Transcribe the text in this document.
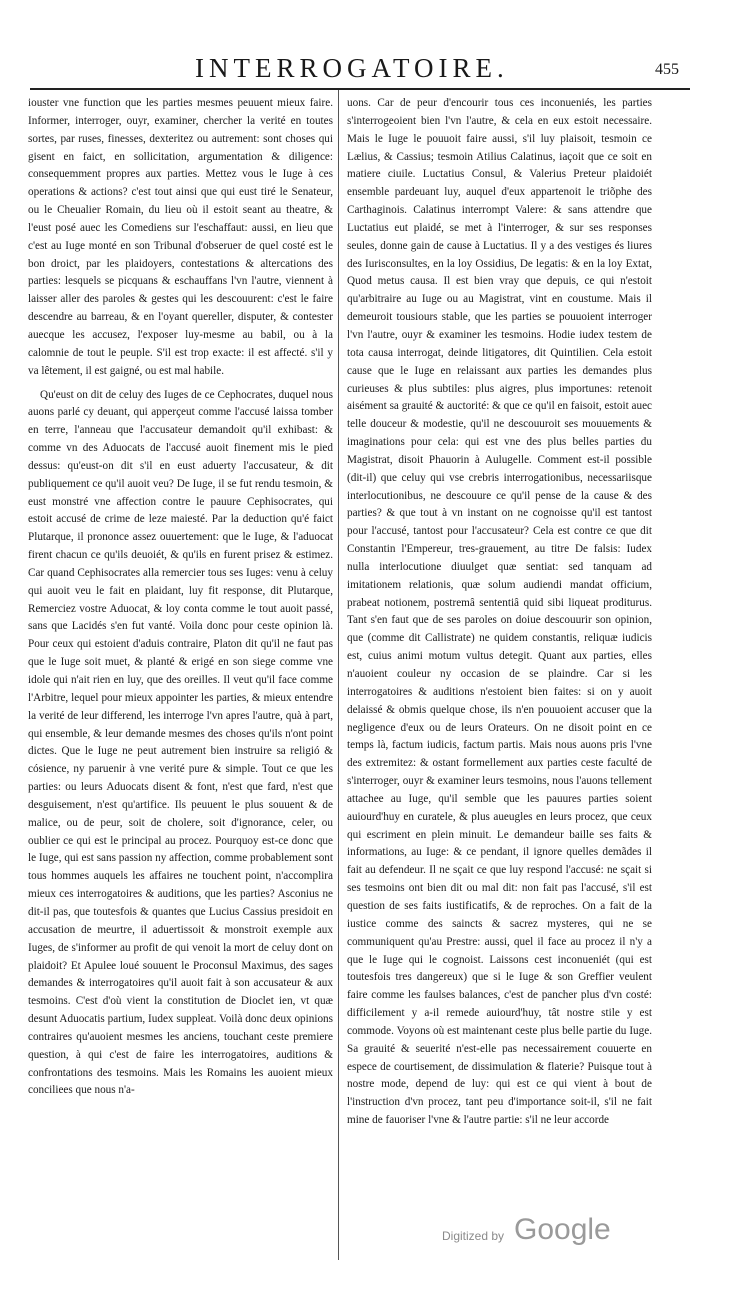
INTERROGATOIRE.	455

iouster vne function que les parties mesmes peuuent mieux faire. Informer, interroger, ouyr, examiner, chercher la verité en toutes sortes, par ruses, finesses, dexteritez ou autrement: sont choses qui gisent en faict, en sollicitation, argumentation & diligence: consequemment propres aux parties. Mettez vous le Iuge à ces operations & actions? c'est tout ainsi que qui eust tiré le Senateur, ou le Cheualier Romain, du lieu où il estoit seant au theatre, & l'eust posé auec les Comediens sur l'eschaffaut: aussi, en lieu que c'est au Iuge monté en son Tribunal d'obseruer de quel costé est le bon droict, par les plaidoyers, contestations & altercations des parties: lesquels se picquans & eschauffans l'vn l'autre, viennent à laisser aller des paroles & gestes qui les descouurent: c'est le faire descendre au barreau, & en l'oyant quereller, disputer, & contester auecque les accusez, l'exposer luy-mesme au babil, ou à la calomnie de tout le peuple. S'il est trop exacte: il est affecté. s'il y va lêtement, il est gaigné, ou est mal habile.

Qu'eust on dit de celuy des Iuges de ce Cephocrates, duquel nous auons parlé cy deuant, qui apperçeut comme l'accusé laissa tomber en terre, l'anneau que l'accusateur demandoit qu'il exhibast: & comme vn des Aduocats de l'accusé auoit finement mis le pied dessus: qu'eust-on dit s'il en eust aduerty l'accusateur, & dit publiquement ce qu'il auoit veu? De Iuge, il se fut rendu tesmoin, & eust monstré vne affection contre le pauure Cephisocrates, qui estoit accusé de crime de leze maiesté. Par la deduction qu'é faict Plutarque, il prononce assez ouuertement: que le Iuge, & l'aduocat firent chacun ce qu'ils deuoiét, & qu'ils en furent prisez & estimez. Car quand Cephisocrates alla remercier tous ses Iuges: venu à celuy qui auoit veu le fait en plaidant, luy fit response, dit Plutarque, Remerciez vostre Aduocat, & loy conta comme le tout auoit passé, sans que Lacidés s'en fut vanté. Voila donc pour ceste opinion là. Pour ceux qui estoient d'aduis contraire, Platon dit qu'il ne faut pas que le Iuge soit muet, & planté & erigé en son siege comme vne idole qui n'ait rien en luy, que des oreilles. Il veut qu'il face comme l'Arbitre, lequel pour mieux appointer les parties, & mieux entendre la verité de leur differend, les interroge l'vn apres l'autre, quà à part, qui ensemble, & leur demande mesmes des choses qu'ils n'ont point dictes. Que le Iuge ne peut autrement bien instruire sa religió & cósience, ny paruenir à vne verité pure & simple. Tout ce que les parties: ou leurs Aduocats disent & font, n'est que fard, n'est que desguisement, n'est qu'artifice. Ils peuuent le plus souuent & de malice, ou de peur, soit de cholere, soit d'ignorance, celer, ou oublier ce qui est le principal au procez. Pourquoy est-ce donc que le Iuge, qui est sans passion ny affection, comme probablement sont tous hommes auquels les affaires ne touchent point, n'accomplira mieux ces interrogatoires & auditions, que les parties? Asconius ne dit-il pas, que toutesfois & quantes que Lucius Cassius presidoit en accusation de meurtre, il aduertissoit & monstroit exemple aux Iuges, de s'informer au profit de qui venoit la mort de celuy dont on plaidoit? Et Apulee loué souuent le Proconsul Maximus, des sages demandes & interrogatoires qu'il auoit fait à son accusateur & aux tesmoins. C'est d'où vient la constitution de Dioclet ien, vt quæ desunt Aduocatis partium, Iudex suppleat. Voilà donc deux opinions contraires qu'auoient mesmes les anciens, touchant ceste premiere question, à qui c'est de faire les interrogatoires, auditions & confrontations des tesmoins. Mais les Romains les auoient mieux conciliees que nous n'a-

uons. Car de peur d'encourir tous ces inconueniés, les parties s'interrogeoient bien l'vn l'autre, & cela en eux estoit necessaire. Mais le Iuge le pouuoit faire aussi, s'il luy plaisoit, tesmoin ce Lælius, & Cassius; tesmoin Atilius Calatinus, iaçoit que ce soit en matiere ciuile. Luctatius Consul, & Valerius Preteur plaidoiét ensemble pardeuant luy, auquel d'eux appartenoit le triõphe des Carthaginois. Calatinus interrompt Valere: & sans attendre que Luctatius eut plaidé, se met à l'interroger, & sur ses responses seules, donne gain de cause à Luctatius. Il y a des vestiges és liures des Iurisconsultes, en la loy Ossidius, De legatis: & en la loy Extat, Quod metus causa. Il est bien vray que depuis, ce qui n'estoit qu'arbitraire au Iuge ou au Magistrat, vint en coustume. Mais il demeuroit tousiours stable, que les parties se pouuoient interroger l'vn l'autre, ouyr & examiner les tesmoins. Hodie iudex testem de tota causa interrogat, deinde litigatores, dit Quintilien. Cela estoit cause que le Iuge en relaissant aux parties les demandes plus curieuses & plus subtiles: plus aigres, plus importunes: retenoit aisément sa grauité & auctorité: & que ce qu'il en faisoit, estoit auec telle douceur & modestie, qu'il ne descouuroit ses mouuements & imaginations pour cela: qui est vne des plus belles parties du Magistrat, disoit Phauorin à Aulugelle. Comment est-il possible (dit-il) que celuy qui vse crebris interrogationibus, necessariisque interlocutionibus, ne descouure ce qu'il pense de la cause & des parties? & que tout à vn instant on ne cognoisse qu'il est tantost pour l'accusé, tantost pour l'accusateur? Cela est contre ce que dit Constantin l'Empereur, tres-grauement, au titre De falsis: Iudex nulla interlocutione diuulget quæ sentiat: sed tanquam ad imitationem relationis, quæ solum audiendi mandat officium, prabeat notionem, postremâ sententiâ quid sibi liqueat proditurus. Tant s'en faut que de ses paroles on doiue descouurir son opinion, que (comme dit Callistrate) ne quidem constantis, reliquæ iudicis est, cuius animi motum vultus detegit. Quant aux parties, elles n'auoient couleur ny occasion de se plaindre. Car si les interrogatoires & auditions n'estoient bien faites: si on y auoit delaissé & obmis quelque chose, ils n'en pouuoient accuser que la negligence d'eux ou de leurs Orateurs. On ne disoit point en ce temps là, factum iudicis, factum partis. Mais nous auons pris l'vne des extremitez: & ostant formellement aux parties ceste faculté de s'interroger, ouyr & examiner leurs tesmoins, nous l'auons tellement attachee au Iuge, qu'il semble que les pauures parties soient auiourd'huy en curatele, & plus aueugles en leurs procez, que ceux qui escriment en plein minuit. Le demandeur baille ses faits & informations, au Iuge: & ce pendant, il ignore quelles demãdes il fait au defendeur. Il ne sçait ce que luy respond l'accusé: ne sçait si ses tesmoins ont bien dit ou mal dit: non fait pas l'accusé, s'il est question de ses faits iustificatifs, & de reproches. On a fait de la iustice comme des saincts & sacrez mysteres, qui ne se communiquent qu'au Prestre: aussi, quel il face au procez il n'y a que le Iuge qui le cognoist. Laissons cest inconueniét (qui est toutesfois tres dangereux) que si le Iuge & son Greffier veulent faire comme les faulses balances, c'est de pancher plus d'vn costé: difficilement y a-il remede auiourd'huy, tât nostre stile y est commode. Voyons où est maintenant ceste plus belle partie du Iuge. Sa grauité & seuerité n'est-elle pas necessairement couuerte en espece de courtisement, de dissimulation & flaterie? Puisque tout à nostre mode, depend de luy: qui est ce qui vient à bout de l'instruction d'vn procez, tant peu d'importance soit-il, s'il ne fait mine de fauoriser l'vne & l'autre partie: s'il ne leur accorde

Digitized by Google
